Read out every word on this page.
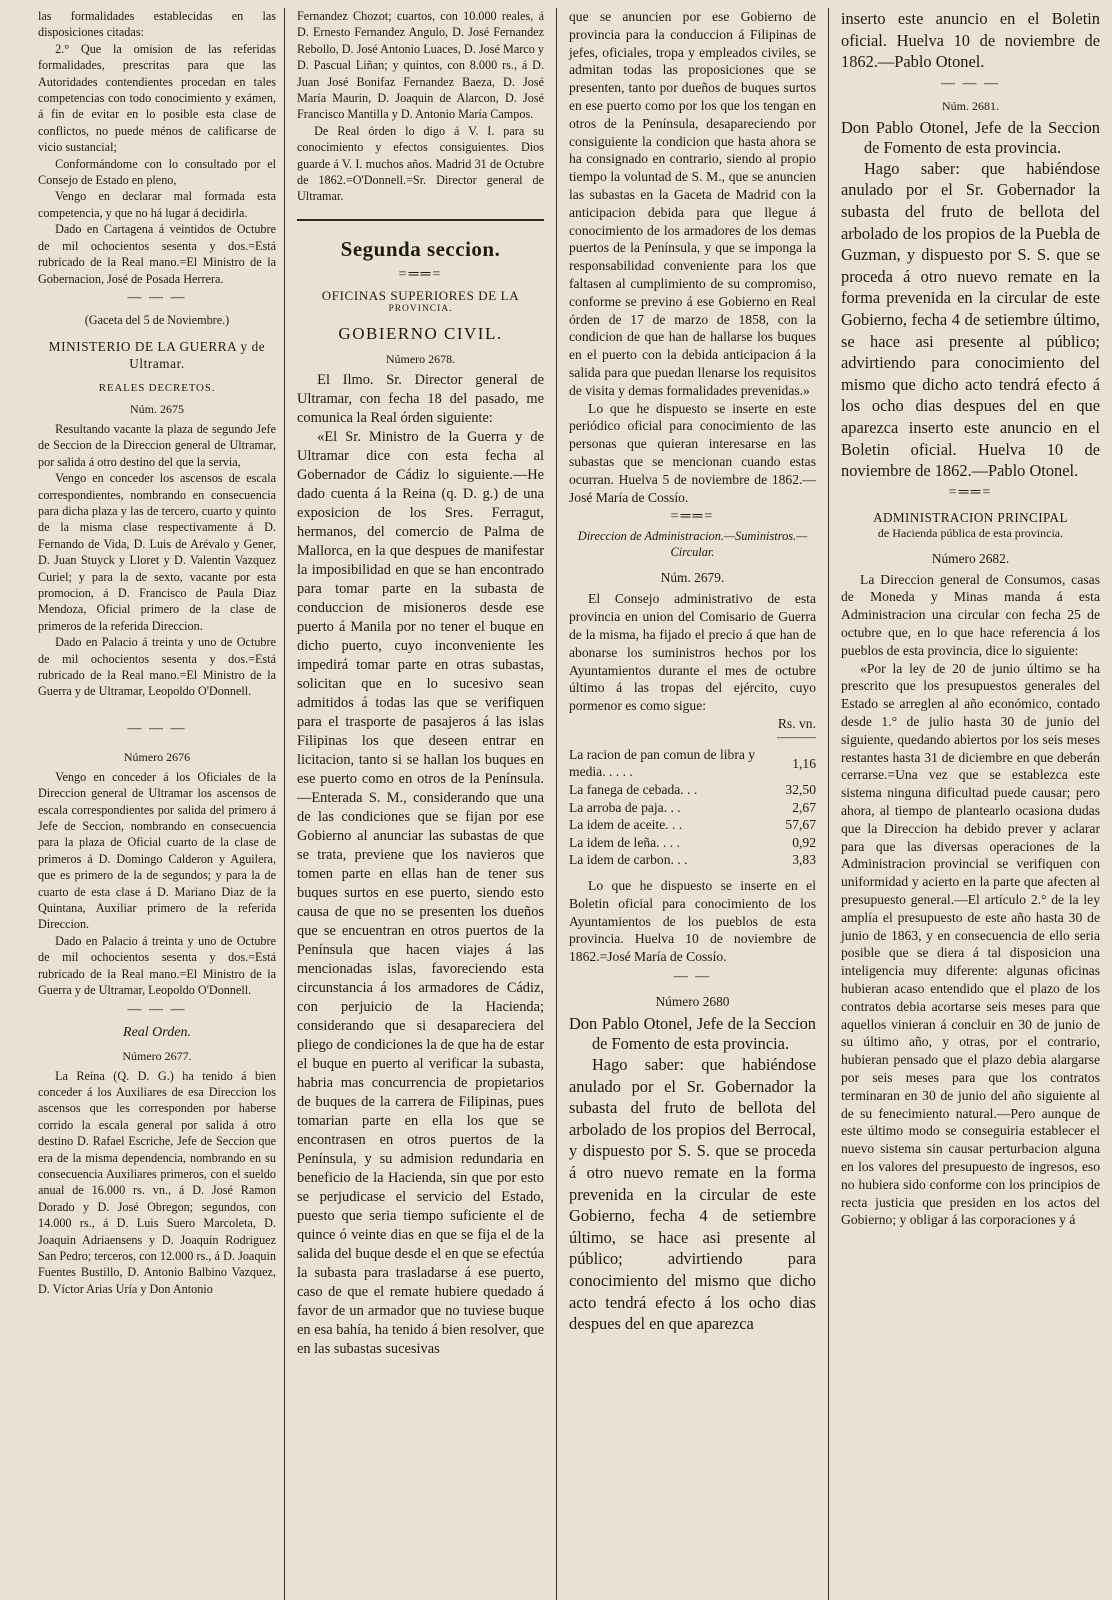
las formalidades establecidas en las disposiciones citadas:

2.° Que la omision de las referidas formalidades, prescritas para que las Autoridades contendientes procedan en tales competencias con todo conocimiento y exámen, á fin de evitar en lo posible esta clase de conflictos, no puede ménos de calificarse de vicio sustancial;

Conformándome con lo consultado por el Consejo de Estado en pleno,

Vengo en declarar mal formada esta competencia, y que no há lugar á decidirla.

Dado en Cartagena á veintidos de Octubre de mil ochocientos sesenta y dos.=Está rubricado de la Real mano.=El Ministro de la Gobernacion, José de Posada Herrera.

— — —
(Gaceta del 5 de Noviembre.)
MINISTERIO DE LA GUERRA y de Ultramar.
REALES DECRETOS.
Núm. 2675

Resultando vacante la plaza de segundo Jefe de Seccion de la Direccion general de Ultramar, por salida á otro destino del que la servia,

Vengo en conceder los ascensos de escala correspondientes, nombrando en consecuencia para dicha plaza y las de tercero, cuarto y quinto de la misma clase respectivamente á D. Fernando de Vida, D. Luis de Arévalo y Gener, D. Juan Stuyck y Lloret y D. Valentin Vazquez Curiel; y para la de sexto, vacante por esta promocion, á D. Francisco de Paula Diaz Mendoza, Oficial primero de la clase de primeros de la referida Direccion.

Dado en Palacio á treinta y uno de Octubre de mil ochocientos sesenta y dos.=Está rubricado de la Real mano.=El Ministro de la Guerra y de Ultramar, Leopoldo O'Donnell.

— — —
Número 2676

Vengo en conceder á los Oficiales de la Direccion general de Ultramar los ascensos de escala correspondientes por salida del primero á Jefe de Seccion, nombrando en consecuencia para la plaza de Oficial cuarto de la clase de primeros á D. Domingo Calderon y Aguilera, que es primero de la de segundos; y para la de cuarto de esta clase á D. Mariano Diaz de la Quintana, Auxiliar primero de la referida Direccion.

Dado en Palacio á treinta y uno de Octubre de mil ochocientos sesenta y dos.=Está rubricado de la Real mano.=El Ministro de la Guerra y de Ultramar, Leopoldo O'Donnell.

— — —
Real Orden.
Número 2677.

La Reina (Q. D. G.) ha tenido á bien conceder á los Auxiliares de esa Direccion los ascensos que les corresponden por haberse corrido la escala general por salida á otro destino D. Rafael Escriche, Jefe de Seccion que era de la misma dependencia, nombrando en su consecuencia Auxiliares primeros, con el sueldo anual de 16.000 rs. vn., á D. José Ramon Dorado y D. José Obregon; segundos, con 14.000 rs., á D. Luis Suero Marcoleta, D. Joaquin Adriaensens y D. Joaquin Rodriguez San Pedro; terceros, con 12.000 rs., á D. Joaquin Fuentes Bustillo, D. Antonio Balbino Vazquez, D. Víctor Arias Uría y Don Antonio

Fernandez Chozot; cuartos, con 10.000 reales, á D. Ernesto Fernandez Angulo, D. José Fernandez Rebollo, D. José Antonio Luaces, D. José Marco y D. Pascual Liñan; y quintos, con 8.000 rs., á D. Juan José Bonifaz Fernandez Baeza, D. José María Maurin, D. Joaquin de Alarcon, D. José Francisco Mantilla y D. Antonio María Campos.

De Real órden lo digo á V. I. para su conocimiento y efectos consiguientes. Dios guarde á V. I. muchos años. Madrid 31 de Octubre de 1862.=O'Donnell.=Sr. Director general de Ultramar.

Segunda seccion.
=══=
OFICINAS SUPERIORES DE LA
PROVINCIA.
GOBIERNO CIVIL.
Número 2678.

El Ilmo. Sr. Director general de Ultramar, con fecha 18 del pasado, me comunica la Real órden siguiente:

«El Sr. Ministro de la Guerra y de Ultramar dice con esta fecha al Gobernador de Cádiz lo siguiente.—He dado cuenta á la Reina (q. D. g.) de una exposicion de los Sres. Ferragut, hermanos, del comercio de Palma de Mallorca, en la que despues de manifestar la imposibilidad en que se han encontrado para tomar parte en la subasta de conduccion de misioneros desde ese puerto á Manila por no tener el buque en dicho puerto, cuyo inconveniente les impedirá tomar parte en otras subastas, solicitan que en lo sucesivo sean admitidos á todas las que se verifiquen para el trasporte de pasajeros á las islas Filipinas los que deseen entrar en licitacion, tanto si se hallan los buques en ese puerto como en otros de la Península.—Enterada S. M., considerando que una de las condiciones que se fijan por ese Gobierno al anunciar las subastas de que se trata, previene que los navieros que tomen parte en ellas han de tener sus buques surtos en ese puerto, siendo esto causa de que no se presenten los dueños que se encuentran en otros puertos de la Península que hacen viajes á las mencionadas islas, favoreciendo esta circunstancia á los armadores de Cádiz, con perjuicio de la Hacienda; considerando que si desapareciera del pliego de condiciones la de que ha de estar el buque en puerto al verificar la subasta, habria mas concurrencia de propietarios de buques de la carrera de Filipinas, pues tomarian parte en ella los que se encontrasen en otros puertos de la Península, y su admision redundaria en beneficio de la Hacienda, sin que por esto se perjudicase el servicio del Estado, puesto que seria tiempo suficiente el de quince ó veinte dias en que se fija el de la salida del buque desde el en que se efectúa la subasta para trasladarse á ese puerto, caso de que el remate hubiere quedado á favor de un armador que no tuviese buque en esa bahía, ha tenido á bien resolver, que en las subastas sucesivas

que se anuncien por ese Gobierno de provincia para la conduccion á Filipinas de jefes, oficiales, tropa y empleados civiles, se admitan todas las proposiciones que se presenten, tanto por dueños de buques surtos en ese puerto como por los que los tengan en otros de la Península, desapareciendo por consiguiente la condicion que hasta ahora se ha consignado en contrario, siendo al propio tiempo la voluntad de S. M., que se anuncien las subastas en la Gaceta de Madrid con la anticipacion debida para que llegue á conocimiento de los armadores de los demas puertos de la Península, y que se imponga la responsabilidad conveniente para los que faltasen al cumplimiento de su compromiso, conforme se previno á ese Gobierno en Real órden de 17 de marzo de 1858, con la condicion de que han de hallarse los buques en el puerto con la debida anticipacion á la salida para que puedan llenarse los requisitos de visita y demas formalidades prevenidas.»

Lo que he dispuesto se inserte en este periódico oficial para conocimiento de las personas que quieran interesarse en las subastas que se mencionan cuando estas ocurran. Huelva 5 de noviembre de 1862.—José María de Cossío.

=══=
Direccion de Administracion.—Suministros.—Circular.
Núm. 2679.

El Consejo administrativo de esta provincia en union del Comisario de Guerra de la misma, ha fijado el precio á que han de abonarse los suministros hechos por los Ayuntamientos durante el mes de octubre último á las tropas del ejército, cuyo pormenor es como sigue:

Rs. vn.
———
La racion de pan comun de libra y media. . . . .	1,16
La fanega de cebada. . .	32,50
La arroba de paja. . .	2,67
La idem de aceite. . .	57,67
La idem de leña. . . .	0,92
La idem de carbon. . .	3,83

Lo que he dispuesto se inserte en el Boletin oficial para conocimiento de los Ayuntamientos de los pueblos de esta provincia. Huelva 10 de noviembre de 1862.=José María de Cossío.

— —
Número 2680

Don Pablo Otonel, Jefe de la Seccion de Fomento de esta provincia.

Hago saber: que habiéndose anulado por el Sr. Gobernador la subasta del fruto de bellota del arbolado de los propios del Berrocal, y dispuesto por S. S. que se proceda á otro nuevo remate en la forma prevenida en la circular de este Gobierno, fecha 4 de setiembre último, se hace asi presente al público; advirtiendo para conocimiento del mismo que dicho acto tendrá efecto á los ocho dias despues del en que aparezca

inserto este anuncio en el Boletin oficial. Huelva 10 de noviembre de 1862.—Pablo Otonel.

— — —
Núm. 2681.

Don Pablo Otonel, Jefe de la Seccion de Fomento de esta provincia.

Hago saber: que habiéndose anulado por el Sr. Gobernador la subasta del fruto de bellota del arbolado de los propios de la Puebla de Guzman, y dispuesto por S. S. que se proceda á otro nuevo remate en la forma prevenida en la circular de este Gobierno, fecha 4 de setiembre último, se hace asi presente al público; advirtiendo para conocimiento del mismo que dicho acto tendrá efecto á los ocho dias despues del en que aparezca inserto este anuncio en el Boletin oficial. Huelva 10 de noviembre de 1862.—Pablo Otonel.

=══=
ADMINISTRACION PRINCIPAL
de Hacienda pública de esta provincia.
Número 2682.

La Direccion general de Consumos, casas de Moneda y Minas manda á esta Administracion una circular con fecha 25 de octubre que, en lo que hace referencia á los pueblos de esta provincia, dice lo siguiente:

«Por la ley de 20 de junio último se ha prescrito que los presupuestos generales del Estado se arreglen al año económico, contado desde 1.° de julio hasta 30 de junio del siguiente, quedando abiertos por los seis meses restantes hasta 31 de diciembre en que deberán cerrarse.=Una vez que se establezca este sistema ninguna dificultad puede causar; pero ahora, al tiempo de plantearlo ocasiona dudas que la Direccion ha debido prever y aclarar para que las diversas operaciones de la Administracion provincial se verifiquen con uniformidad y acierto en la parte que afecten al presupuesto general.—El artículo 2.° de la ley amplía el presupuesto de este año hasta 30 de junio de 1863, y en consecuencia de ello seria posible que se diera á tal disposicion una inteligencia muy diferente: algunas oficinas hubieran acaso entendido que el plazo de los contratos debia acortarse seis meses para que aquellos vinieran á concluir en 30 de junio de su último año, y otras, por el contrario, hubieran pensado que el plazo debia alargarse por seis meses para que los contratos terminaran en 30 de junio del año siguiente al de su fenecimiento natural.—Pero aunque de este último modo se conseguiria establecer el nuevo sistema sin causar perturbacion alguna en los valores del presupuesto de ingresos, eso no hubiera sido conforme con los principios de recta justicia que presiden en los actos del Gobierno; y obligar á las corporaciones y á
